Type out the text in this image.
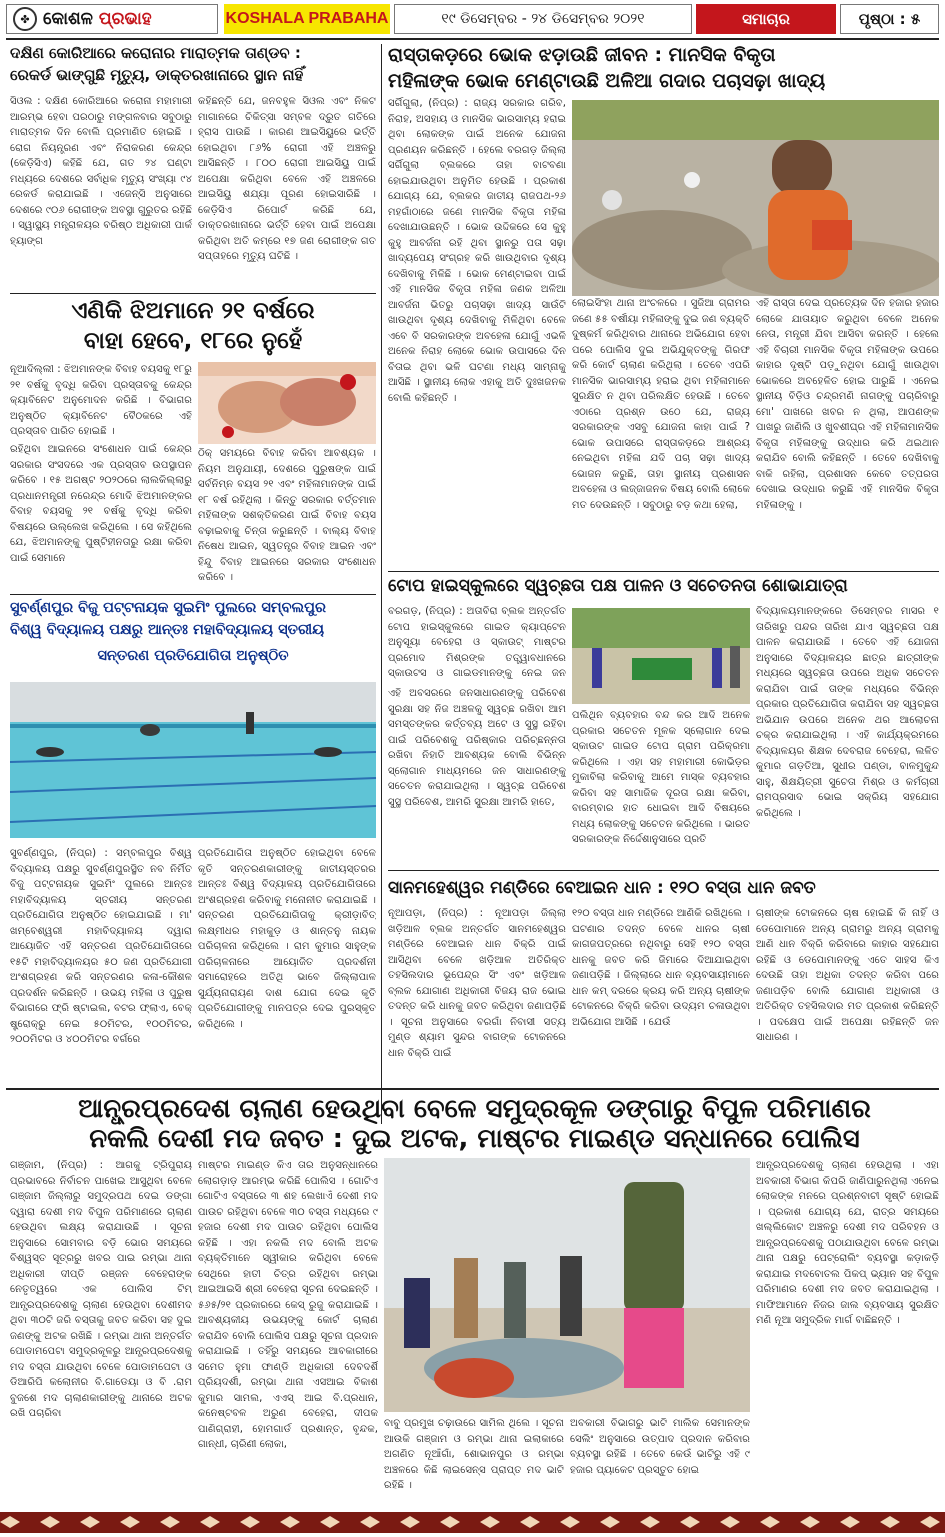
✤ କୋଶଳ ପ୍ରଭାହ	KOSHALA PRABAHA	୧୯ ଡିସେମ୍ବର - ୨୪ ଡିସେମ୍ବର ୨୦୨୧	ସମାଚାର	ପୃଷ୍ଠା : ୫
ଦକ୍ଷିଣ କୋରିଆରେ କରୋନାର ମାରାତ୍ମକ ତାଣ୍ଡବ :
ରେକର୍ଡ ଭାଙ୍ଗୁଛି ମୃତ୍ୟୁ, ଡାକ୍ତରଖାନାରେ ସ୍ଥାନ ନାହିଁ
ସିଓଲ : ଦକ୍ଷିଣ କୋରିଆରେ କରୋନା ମହାମାରୀ ଆରମ୍ଭ ହେବା ପରଠାରୁ ମଙ୍ଗଳବାର ସବୁଠାରୁ ମାରାତ୍ମକ ଦିନ ବୋଲି ପ୍ରମାଣିତ ହୋଇଛି । ରୋଗ ନିୟନ୍ତ୍ରଣ ଏବଂ ନିରାକରଣ କେନ୍ଦ୍ର (କେଡ଼ିସିଏ) କହିଛି ଯେ, ଗତ ୨୪ ଘଣ୍ଟା ମଧ୍ୟରେ ଦେଶରେ ସର୍ବାଧିକ ମୃତ୍ୟୁ ସଂଖ୍ୟା ୯୪ ରେକର୍ଡ କରାଯାଇଛି । ଏଜେନ୍ସି ଅନୁସାରେ ଦେଶରେ ୯୦୬ ରୋଗୀଙ୍କ ଅବସ୍ଥା ଗୁରୁତର ରହିଛି । ସ୍ୱାସ୍ଥ୍ୟ ମନ୍ତ୍ରାଳୟର ବରିଷ୍ଠ ଅଧିକାରୀ ପାର୍କ ହ୍ୟାଙ୍ଗ
କହିଛନ୍ତି ଯେ, ଜନବହୁଳ ସିଓଲ ଏବଂ ନିକଟ ମାଗାନରେ ଚିକିତ୍ସା ସମ୍ବଳ ଦ୍ରୁତ ଗତିରେ ହ୍ରାସ ପାଉଛି । କାରଣ ଆଇସିୟୁରେ ଭର୍ତ୍ତି ହୋଇଥିବା ୮୬% ରୋଗୀ ଏହି ଅଞ୍ଚଳରୁ ଆସିଛନ୍ତି । ୮୦୦ ରୋଗୀ ଆଇସିୟୁ ପାଇଁ ଅପେକ୍ଷା କରିଥିବା ବେଳେ ଏହି ଅଞ୍ଚଳରେ ଆଇସିୟୁ ଶଯ୍ୟା ପୂରଣ ହୋଇସାରିଛି । କେଡ଼ିସିଏ ରିପୋର୍ଟ କରିଛି ଯେ, ଡାକ୍ତରଖାନାରେ ଭର୍ତ୍ତି ହେବା ପାଇଁ ଅପେକ୍ଷା କରିଥିବା ଅତି କମ୍‌ରେ ୧୭ ଜଣ ରୋଗୀଙ୍କ ଗତ ସପ୍ତାହରେ ମୃତ୍ୟୁ ଘଟିଛି ।
ଏଣିକି ଝିଅମାନେ ୨୧ ବର୍ଷରେ
ବାହା ହେବେ, ୧୮ରେ ନୁହେଁ
ନୂଆଦିଲ୍ଲୀ : ଝିଅମାନଙ୍କ ବିବାହ ବୟସକୁ ୧୮ରୁ ୨୧ ବର୍ଷକୁ ବୃଦ୍ଧି କରିବା ପ୍ରସ୍ତାବକୁ କେନ୍ଦ୍ର କ୍ୟାବିନେଟ ଅନୁମୋଦନ କରିଛି । ବିଭାଗର ଅନୁଷ୍ଠିତ କ୍ୟାବିନେଟ ବୈଠକରେ ଏହି ପ୍ରସ୍ତାବ ପାରିତ ହୋଇଛି ।
ରହିଥିବା ଆଇନରେ ସଂଶୋଧନ ପାଇଁ କେନ୍ଦ୍ର ସରକାର ସଂସଦରେ ଏକ ପ୍ରସ୍ତାବ ଉପସ୍ଥାପନ କରିବେ । ୧୫ ଅଗଷ୍ଟ ୨୦୨୦ରେ ଲାଲକିଲ୍ଲାରୁ ପ୍ରଧାନମନ୍ତ୍ରୀ ନରେନ୍ଦ୍ର ମୋଦି ଝିଅମାନଙ୍କର ବିବାହ ବୟସକୁ ୨୧ ବର୍ଷକୁ ବୃଦ୍ଧି କରିବା ବିଷୟରେ ଉଲ୍ଲେଖ କରିଥିଲେ । ସେ କହିଥିଲେ ଯେ, ଝିଅମାନଙ୍କୁ ପୁଷ୍ଟିହୀନତାରୁ ରକ୍ଷା କରିବା ପାଇଁ ସେମାନେ
ଠିକ୍ ସମୟରେ ବିବାହ କରିବା ଆବଶ୍ୟକ । ନିୟମ ଅନୁଯାୟୀ, ଦେଶରେ ପୁରୁଷଙ୍କ ପାଇଁ ସର୍ବନିମ୍ନ ବୟସ ୨୧ ଏବଂ ମହିଳାମାନଙ୍କ ପାଇଁ ୧୮ ବର୍ଷ ରହିଥିଲା । କିନ୍ତୁ ସରକାର ବର୍ତ୍ତମାନ ମହିଳାଙ୍କ ସଶକ୍ତିକରଣ ପାଇଁ ବିବାହ ବୟସ ବଢ଼ାଇବାକୁ ଚିନ୍ତା କରୁଛନ୍ତି । ବାଲ୍ୟ ବିବାହ ନିଷେଧ ଆଇନ, ସ୍ୱତନ୍ତ୍ର ବିବାହ ଆଇନ ଏବଂ ହିନ୍ଦୁ ବିବାହ ଆଇନରେ ସରକାର ସଂଶୋଧନ କରିବେ ।
ସୁବର୍ଣ୍ଣପୁର ବିଜୁ ପଟ୍ଟନାୟକ ସୁଇମିଂ ପୁଲରେ ସମ୍ବଲପୁର
ବିଶ୍ୱ ବିଦ୍ୟାଳୟ ପକ୍ଷରୁ ଆନ୍ତଃ ମହାବିଦ୍ୟାଳୟ ସ୍ତରୀୟ
ସନ୍ତରଣ ପ୍ରତିଯୋଗିତା ଅନୁଷ୍ଠିତ
ସୁବର୍ଣ୍ଣପୁର, (ନିପ୍ର) : ସମ୍ବଲପୁର ବିଶ୍ୱ ବିଦ୍ୟାଳୟ ପକ୍ଷରୁ ସୁବର୍ଣ୍ଣପୁରସ୍ଥିତ ନବ ନିର୍ମିତ ବିଜୁ ପଟ୍ଟନାୟକ ସୁଇମିଂ ପୁଲରେ ଆନ୍ତଃ ମହାବିଦ୍ୟାଳୟ ସ୍ତରୀୟ ସନ୍ତରଣ ପ୍ରତିଯୋଗିତା ଅନୁଷ୍ଠିତ ହୋଇଯାଇଛି । ମା' ଖମ୍ବେଶ୍ୱରୀ ମହାବିଦ୍ୟାଳୟ ଦ୍ୱାରା ଆୟୋଜିତ ଏହି ସନ୍ତରଣ ପ୍ରତିଯୋଗିତାରେ ୧୫ଟି ମହାବିଦ୍ୟାଳୟର ୫୦ ଜଣ ପ୍ରତିଯୋଗୀ ଅଂଶଗ୍ରହଣ କରି ସନ୍ତରଣର କଳା-କୌଶଳ ପ୍ରଦର୍ଶନ କରିଛନ୍ତି । ଉଭୟ ମହିଳା ଓ ପୁରୁଷ ବିଭାଗରେ ଫ୍ରି ଷ୍ଟାଇଲ, ବଟର ଫ୍ଲାଏ, ବେକ୍ ଷ୍ଟ୍ରୋକ୍‌ରୁ ନେଇ ୫୦ମିଟର, ୧୦୦ମିଟର, ୨୦୦ମିଟର ଓ ୪୦୦ମିଟର ବର୍ଗରେ
ପ୍ରତିଯୋଗିତା ଅନୁଷ୍ଠିତ ହୋଇଥିବା ବେଳେ କୃତି ସନ୍ତରଣକାରୀଙ୍କୁ ଜାତୀୟସ୍ତରର ଆନ୍ତଃ ବିଶ୍ୱ ବିଦ୍ୟାଳୟ ପ୍ରତିଯୋଗିତାରେ ଅଂଶଗ୍ରହଣ କରିବାକୁ ମନୋନୀତ କରାଯାଇଛି । ସନ୍ତରଣ ପ୍ରତିଯୋଗିତାକୁ କ୍ରୀଡ଼ାବିତ୍ ଲକ୍ଷ୍ମୀଧର ମହାକୁଡ଼ ଓ ଶାନ୍ତନୁ ନାୟକ ପରିଚାଳନା କରିଥିଲେ । ରାମ କୁମାର ସାହୁଙ୍କ ପରିଚାଳନାରେ ଆୟୋଜିତ ପ୍ରଦର୍ଶନୀ ସମାରୋହରେ ଅତିଥି ଭାବେ ଜିଲ୍ଲାପାଳ ସୁର୍ଯ୍ୟନାରାୟଣ ଦାଶ ଯୋଗ ଦେଇ କୃତି ପ୍ରତିଯୋଗୀଙ୍କୁ ମାନପତ୍ର ଦେଇ ପୁରସ୍କୃତ କରିଥିଲେ ।
ରାସ୍ତାକଡ଼ରେ ଭୋକ ଝଡ଼ାଉଛି ଜୀବନ : ମାନସିକ ବିକୃତା
ମହିଳାଙ୍କ ଭୋକ ମେଣ୍ଟାଉଛି ଅଳିଆ ଗଦାର ପଚାସଢ଼ା ଖାଦ୍ୟ
ସର୍ଗିଗୁଲା, (ନିପ୍ର) : ରାଜ୍ୟ ସରକାର ଗରିବ, ନିରାହ, ଅସହାୟ ଓ ମାନସିକ ଭାରସାମ୍ୟ ହରାଇ ଥିବା ଲୋକଙ୍କ ପାଇଁ ଅନେକ ଯୋଜନା ପ୍ରଣୟନ କରିଛନ୍ତି । ହେଲେ ବରଗଡ଼ ଜିଲ୍ଲା ସର୍ଗିଗୁଲା ବ୍ଲକରେ ତାହା ବାଟବଣା ହୋଇଯାଉଥିବା ଅନୁମିତ ହେଉଛି । ପ୍ରକାଶ ଯୋଗ୍ୟ ଯେ, ବ୍ଲକର ଜାତୀୟ ରାଜପଥ-୨୬ ମହଗାଁଠାରେ ଜଣେ ମାନସିକ ବିକୃତା ମହିଳା ଦେଖାଯାଉଛନ୍ତି । ଭୋକ ଉଦ୍ଦିକରେ ସେ କୁହୁ କୁହୁ ଆବର୍ଜନା ରହି ଥିବା ସ୍ଥାନରୁ ପତା ସଢ଼ା ଖାଦ୍ୟପେୟ ସଂଗ୍ରହ କରି ଖାଉଥିବାର ଦୃଶ୍ୟ ଦେଖିବାକୁ ମିଳିଛି । ଭୋକ ମେଣ୍ଟାଇବା ପାଇଁ ଏହି ମାନସିକ ବିକୃତା ମହିଳା ଜଣକ ଅଳିଆ ଆବର୍ଜନା ଭିତରୁ ପଚାସଢ଼ା ଖାଦ୍ୟ ସାଉଁଟି ଖାଉଥିବା ଦୃଶ୍ୟ ଦେଖିବାକୁ ମିଳିଥିବା ବେଳେ ଏବେ ବି ସରକାରଙ୍କ ଅବହେଳା ଯୋଗୁଁ ଏଭଳି ଅନେକ ନିରାହ ଲୋକେ ଭୋକ ଉପାସରେ ଦିନ ବିତାଇ ଥିବା ଭଳି ଘଟଣା ମଧ୍ୟ ସାମ୍ନାକୁ ଆସିଛି । ସ୍ଥାନୀୟ ଲୋକ ଏହାକୁ ଅତି ଦୁଃଖଜନକ ବୋଲି କହିଛନ୍ତି ।
ଲୋଇସିଂହା ଥାନା ଅଂଚଳରେ । ସୁଜିଆ ଗ୍ରାମର ଜଣେ ୫୫ ବର୍ଷୀୟା ମହିଳାଙ୍କୁ ଦୁଇ ଜଣ ବ୍ୟକ୍ତି ଦୁଷ୍କର୍ମ କରିଥିବାର ଥାନାରେ ଅଭିଯୋଗ ହେବା ପରେ ପୋଲିସ ଦୁଇ ଅଭିଯୁକ୍ତଙ୍କୁ ଗିରଫ କରି କୋର୍ଟ ଚାଲାଣ କରିଥିଲା । ତେବେ ଏପରି ମାନସିକ ଭାରସାମ୍ୟ ହରାଇ ଥିବା ମହିଳାମାନେ ସୁରକ୍ଷିତ ନ ଥିବା ପରିଲକ୍ଷିତ ହେଉଛି । ତେବେ ଏଠାରେ ପ୍ରଶ୍ନ ଉଠେ ଯେ, ରାଜ୍ୟ ସରକାରଙ୍କ ଏସବୁ ଯୋଜନା କାହା ପାଇଁ ? ଭୋକ ଉପାସରେ ରାସ୍ତାକଡ଼ରେ ଆଶ୍ରୟ ନେଇଥିବା ମହିଳା ଯଦି ପଚା ସଢ଼ା ଖାଦ୍ୟ ଭୋଜନ କରୁଛି, ତାହା ସ୍ଥାନୀୟ ପ୍ରଶାସନ ଅବହେଳା ଓ ଲଜ୍ଜାଜନକ ବିଷୟ ବୋଲି ଲୋକେ ମତ ଦେଉଛନ୍ତି । ସବୁଠାରୁ ବଡ଼ କଥା ହେଲା,
ଏହି ରାସ୍ତା ଦେଇ ପ୍ରତ୍ୟେକ ଦିନ ହଜାର ହଜାର ଲୋକେ ଯାତାୟାତ କରୁଥିବା ବେଳେ ଅନେକ ନେତା, ମନ୍ତ୍ରୀ ଯିବା ଆସିବା କରନ୍ତି । ହେଲେ ଏହି ବିଚାରୀ ମାନସିକ ବିକୃତା ମହିଳାଙ୍କ ଉପରେ କାହାର ଦୃଷ୍ଟି ପଡ଼ୁନଥିବା ଯୋଗୁଁ ଖାଉଥିବା ଭୋକରେ ଅବହେଳିତ ହୋଇ ପାରୁଛି । ଏନେଇ ସ୍ଥାନୀୟ ବିଡ଼ିଓ ଚନ୍ଦ୍ରମଣି ନାଗଙ୍କୁ ପଚାରିବାରୁ ମୋ' ପାଖରେ ଖବର ନ ଥିଲା, ଆପଣଙ୍କ ପାଖରୁ ଜାଣିଲି ଓ ଖୁବଶୀଘ୍ର ଏହି ମହିଳାମାନସିକ ବିକୃତା ମହିଳାଙ୍କୁ ଉଦ୍ଧାର କରି ଥଇଥାନ କରାଯିବ ବୋଲି କହିଛନ୍ତି । ତେବେ ଦେଖିବାକୁ ବାକି ରହିଲା, ପ୍ରଶାସନ କେବେ ତତ୍ପରତା ଦେଖାଇ ଉଦ୍ଧାର କରୁଛି ଏହି ମାନସିକ ବିକୃତା ମହିଳାଙ୍କୁ ।
ଟୋପ ହାଇସ୍କୁଲରେ ସ୍ୱଚ୍ଛତା ପକ୍ଷ ପାଳନ ଓ ସଚେତନତା ଶୋଭାଯାତ୍ରା
ବରଗଡ଼, (ନିପ୍ର) : ଅତାବିରା ବ୍ଲକ ଅନ୍ତର୍ଗତ ଟୋପ ହାଇସ୍କୁଲରେ ଗାଇଡ କ୍ୟାପ୍ଟେନ ଅନୁସୂୟା ବେହେରା ଓ ସ୍କାଉଟ୍ ମାଷ୍ଟର ପ୍ରମୋଦ ମିଶ୍ରଙ୍କ ତତ୍ତ୍ୱାବଧାନରେ ସ୍କାଉଟସ ଓ ଗାଇଡମାନଙ୍କୁ ନେଇ ଜନ
ଏହି ଅବସରରେ ଜନସାଧାରଣଙ୍କୁ ପରିବେଶ ସୁରକ୍ଷା ସହ ନିଜ ଅଞ୍ଚଳକୁ ସ୍ୱଚ୍ଛ ରଖିବା ଆମ ସମସ୍ତଙ୍କର କର୍ତ୍ତବ୍ୟ ଅଟେ ଓ ସୁସ୍ଥ ରହିବା ପାଇଁ ପରିବେଶକୁ ପରିଷ୍କାର ପରିଚ୍ଛନ୍ନତା ରଖିବା ନିହାତି ଆବଶ୍ୟକ ବୋଲି ବିଭିନ୍ନ ସ୍ଲୋଗାନ ମାଧ୍ୟମରେ ଜନ ସାଧାରଣଙ୍କୁ ସଚେତନ କରାଯାଇଥିଲା । ସ୍ୱଚ୍ଛ ପରିବେଶ ସୁସ୍ଥ ପରିବେଶ, ଆମରି ସୁରକ୍ଷା ଆମରି ହାତେ,
ପଲିଥିନ ବ୍ୟବହାର ବନ୍ଦ କର ଆଦି ଅନେକ ପ୍ରକାର ସଚେତନ ମୂଳକ ସ୍ଲୋଗାନ ଦେଇ ସ୍କାଉଟ ଗାଇଡ ଟୋପ ଗ୍ରାମ ପରିକ୍ରମା କରିଥିଲେ । ଏହା ସହ ମହାମାରୀ କୋଭିଡ଼ର ମୁକାବିଲା କରିବାକୁ ଆମେ ମାସ୍କ ବ୍ୟବହାର କରିବା ସହ ସାମାଜିକ ଦୂରତା ରକ୍ଷା କରିବା, ବାରମ୍ବାର ହାତ ଧୋଇବା ଆଦି ବିଷୟରେ ମଧ୍ୟ ଲୋକଙ୍କୁ ସଚେତନ କରିଥିଲେ । ଭାରତ ସରକାରଙ୍କ ନିର୍ଦ୍ଦେଶାନୁସାରେ ପ୍ରତି
ବିଦ୍ୟାଳୟମାନଙ୍କରେ ଡିସେମ୍ବର ମାସର ୧ ତାରିଖରୁ ପନ୍ଦର ତାରିଖ ଯାଏ ସ୍ୱଚ୍ଛତା ପକ୍ଷ ପାଳନ କରାଯାଉଛି । ତେବେ ଏହି ଯୋଜନା ଅନୁସାରେ ବିଦ୍ୟାଳୟର ଛାତ୍ର ଛାତ୍ରୀଙ୍କ ମଧ୍ୟରେ ସ୍ୱଚ୍ଛତା ଉପରେ ଅଧିକ ସଚେତନ କରାଯିବା ପାଇଁ ତାଙ୍କ ମଧ୍ୟରେ ବିଭିନ୍ନ ପ୍ରକାର ପ୍ରତିଯୋଗିତା କରାଯିବା ସହ ସ୍ୱଚ୍ଛତା ଅଭିଯାନ ଉପରେ ଅନେକ ଥର ଆଲୋଚନା ଚକ୍ର କରାଯାଇଥିଲା । ଏହି କାର୍ଯ୍ୟକ୍ରମରେ ବିଦ୍ୟାଳୟର ଶିକ୍ଷକ ଦେବରାଜ ବେହେରା, ଲଳିତ କୁମାର ଗଡ଼ତିଆ, ସୁଧୀର ପଣ୍ଡା, ବାଳମୁକୁନ୍ଦ ସାହୁ, ଶିକ୍ଷୟିତ୍ରୀ ସୁଚେତା ମିଶ୍ର ଓ କର୍ମଚାରୀ ରାମପ୍ରସାଦ ଭୋଇ ସକ୍ରିୟ ସହଯୋଗ କରିଥିଲେ ।
ସାନମହେଶ୍ୱର ମଣ୍ଡିରେ ବେଆଇନ ଧାନ : ୧୨୦ ବସ୍ତା ଧାନ ଜବତ
ନୂଆପଡ଼ା, (ନିପ୍ର) : ନୂଆପଡ଼ା ଜିଲ୍ଲା ଖଡ଼ିଆଳ ବ୍ଲକ ଅନ୍ତର୍ଗତ ସାନମହେଶ୍ୱର ମଣ୍ଡିରେ ବେଆଇନ ଧାନ ବିକ୍ରି ପାଇଁ ଆସିଥିବା ବେଳେ ଖଡ଼ିଆଳ ଅତିରିକ୍ତ ତହସିଲଦାର ଭୂପେନ୍ଦ୍ର ସିଂ ଏବଂ ଖଡ଼ିଆଳ ବ୍ଲକ ଯୋଗାଣ ଅଧିକାରୀ ବିଜୟ ରାଜ ଭୋଇ ତଦନ୍ତ କରି ଧାନକୁ ଜବତ କରିଥିବା ଜଣାପଡ଼ିଛି । ସୂଚନା ଅନୁସାରେ ବରଗାଁ ନିବାସୀ ସତ୍ୟ ମୁଣ୍ଡ ଶ୍ୟାମ ସୁନ୍ଦର ବାଗଙ୍କ ଟୋକନରେ ଧାନ ବିକ୍ରି ପାଇଁ
୧୨୦ ବସ୍ତା ଧାନ ମଣ୍ଡିରେ ଆଣିକି ରଖିଥିଲେ । ଘଟଣାର ତଦନ୍ତ ବେଳେ ଧାନର ଚାଷୀ କାଗଜପତ୍ରରେ ନଥିବାରୁ ସେହି ୧୨୦ ବସ୍ତା ଧାନକୁ ଜବତ କରି ଜିମାରେ ଦିଆଯାଇଥିବା ଜଣାପଡ଼ିଛି । ଜିଲ୍ଲାରେ ଧାନ ବ୍ୟବସାୟୀମାନେ ଧାନ କମ୍ ଦରରେ କ୍ରୟ କରି ଅନ୍ୟ ଚାଷୀଙ୍କ ଟୋକନରେ ବିକ୍ରି କରିବା ଉଦ୍ୟମ ଚଳାଉଥିବା ଅଭିଯୋଗ ଆସିଛି । ଯେଉଁ
ଚାଷୀଙ୍କ ଟୋକନରେ ଚାଷ ହୋଇଛି କି ନାହିଁ ଓ ଡେପୋମାନେ ଅନ୍ୟ ଗ୍ରାମରୁ ଅନ୍ୟ ଗ୍ରାମକୁ ଆଣି ଧାନ ବିକ୍ରି କରିବାରେ କାହାର ସହଯୋଗ ରହିଛି ଓ ଡେପୋମାନଙ୍କୁ ଏତେ ସାହସ କିଏ ଦେଉଛି ତାହା ଅଧିକା ତଦନ୍ତ କରିବା ପରେ ଜଣାପଡ଼ିବ ବୋଲି ଯୋଗାଣ ଅଧିକାରୀ ଓ ଅତିରିକ୍ତ ତହସିଲଦାର ମତ ପ୍ରକାଶ କରିଛନ୍ତି । ପଦକ୍ଷେପ ପାଇଁ ଅପେକ୍ଷା ରହିଛନ୍ତି ଜନ ସାଧାରଣ ।
ଆନ୍ଧ୍ରପ୍ରଦେଶ ଚାଲାଣ ହେଉଥିବା ବେଳେ ସମୁଦ୍ରକୂଳ ଡଙ୍ଗାରୁ ବିପୁଳ ପରିମାଣର
ନକଲି ଦେଶୀ ମଦ ଜବତ : ଦୁଇ ଅଟକ, ମାଷ୍ଟର ମାଇଣ୍ଡ ସନ୍ଧାନରେ ପୋଲିସ
ଗଞ୍ଜାମ, (ନିପ୍ର) : ଆଗକୁ ଟ୍ରିପୁରାୟ ପ୍ରଭାବରେ ନିର୍ବାଚନ ପାଖେଇ ଆସୁଥିବା ବେଳେ ଗଞ୍ଜାମ ଜିଲ୍ଲାରୁ ସମୁଦ୍ରପଥ ଦେଇ ଡଙ୍ଗା ଦ୍ୱାରା ଦେଶୀ ମଦ ବିପୁଳ ପରିମାଣରେ ଚାଲାଣ ହେଉଥିବା ଲକ୍ଷ୍ୟ କରାଯାଉଛି । ସୂଚନା ଅନୁସାରେ ସୋମବାର ବଡ଼ି ଭୋର ସମୟରେ ବିଶ୍ୱସ୍ତ ସୂତ୍ରରୁ ଖବର ପାଇ ରମ୍ଭା ଥାନା ଅଧିକାରୀ ଦୀପ୍ତି ରଞ୍ଜନ ବେହେରାଙ୍କ ନେତୃତ୍ୱରେ ଏକ ପୋଲିସ ଟିମ୍ ଆନ୍ଧ୍ରପ୍ରଦେଶକୁ ଚାଲାଣ ହେଉଥିବା ଦେଶୀମଦ ଥିବା ୩୦ଟି ଜରି ବସ୍ତାକୁ ଜବତ କରିବା ସହ ଦୁଇ ଜଣଙ୍କୁ ଅଟକ ରଖିଛି । ରମ୍ଭା ଥାନା ଅନ୍ତର୍ଗତ ପୋଡାମପେଟା ସମୁଦ୍ରକୂଳରୁ ଆନ୍ଧ୍ରପ୍ରଦେଶକୁ ମଦ ବସ୍ତା ଯାଉଥିବା ବେଳେ ପୋଡାମପେଟା ଓ ଡିଆରିପି କଲୋନୀର ବି.ଗାଡେୟା ଓ ବି .ରାମ ବୁଜଶେ ମଦ ଚାଲାଣକାରୀଙ୍କୁ ଥାନାରେ ଅଟକ ରଖି ପଚାରିବା
ମାଷ୍ଟର ମାଇଣ୍ଡ କିଏ ତାର ଅନୁସନ୍ଧାନରେ ଲୋଗଡ଼ାଡ଼ ଆରମ୍ଭ କରିଛି ପୋଲିସ । ଗୋଟିଏ ଗୋଟିଏ ବସ୍ତାରେ ୩ ଶହ ଲେଖାଏଁ ଦେଶୀ ମଦ ପାଉଚ ରହିଥିବା ବେଳେ ୩୦ ବସ୍ତା ମଧ୍ୟରେ ୯ ହଜାର ଦେଶୀ ମଦ ପାଉଚ ରହିଥିବା ପୋଲିସ କହିଛି । ଏହା ନକଲି ମଦ ବୋଲି ଅଟକ ବ୍ୟକ୍ତିମାନେ ସ୍ୱୀକାର କରିଥିବା ବେଳେ ସେଥିରେ ହାତୀ ଚିତ୍ର ରହିଥିବା ରମ୍ଭା ଆଇଆଇସି ଶ୍ରୀ ବେହେରା ସୂଚନା ଦେଇଛନ୍ତି । ୫୬୫/୨୧ ପ୍ରକାରରେ କେସ୍ ରୁଜୁ କରାଯାଇଛି । ଆବଶ୍ୟକୀୟ ଉଭୟଙ୍କୁ କୋର୍ଟ ଚାଲାଣ କରାଯିବ ବୋଲି ପୋଲିସ ପକ୍ଷରୁ ସୂଚନା ପ୍ରଦାନ କରାଯାଇଛି । ତହିଁରୁ ସମୟରେ ଆବକାରୀରେ ସମେତ ହୁମା ଫାଣ୍ଡି ଅଧିକାରୀ ଦେବଦର୍ଶି ପ୍ରିୟଦର୍ଶୀ, ରମ୍ଭା ଥାନା ଏସଆଇ ବିକାଶ କୁମାର ସାମଲ, ଏଏସ୍ ଆଇ ବି.ପ୍ରଧାନ, କନେଷ୍ଟବଳ ଅରୁଣ ବେହେରା, ଦୀପକ ପାଣିଗ୍ରାହୀ, ହୋମଗାର୍ଡ ପ୍ରଶାନ୍ତ, ବୃନ୍ଦକ, ଗାନ୍ଧୀ, ଚାରିଣୀ ଲୋକା,
ବାବୁ ପ୍ରମୁଖ ଚଢ଼ାଉରେ ସାମିଲ ଥିଲେ । ସୂଚନା ଆଉକି ଗଞ୍ଜାମ ଓ ରମ୍ଭା ଥାନା ଇଲାକାରେ ଅଗଣିତ ନୂଆଁଗାଁ, ଶୋଭାନପୁର ଓ ରମ୍ଭା ଅଞ୍ଚଳରେ କିଛି ଲାଇସେନ୍ସ ପ୍ରାପ୍ତ ମଦ ଭାଟି ରହିଛି ।
ଅବକାରୀ ବିଭାଗରୁ ଭାଟି ମାଲିକ ସେମାନଙ୍କ ସେଲିଂ ଅନୁସାରେ ଉତ୍ପାଦ ପ୍ରଦାନ କରିବାର ବ୍ୟବସ୍ଥା ରହିଛି । ତେବେ କେଉଁ ଭାଟିରୁ ଏହି ୯ ହଜାର ପ୍ୟାକେଟ ପ୍ରସ୍ତୁତ ହୋଇ
ଆନ୍ଧ୍ରପ୍ରଦେଶକୁ ଚାଲାଣ ହେଉଥିଲା । ଏହା ଅବକାରୀ ବିଭାଗ କିପରି ଜାଣିପାରୁନଥିଲା ଏନେଇ ଲୋକଙ୍କ ମନରେ ପ୍ରଶ୍ନବାଚୀ ସୃଷ୍ଟି ହୋଇଛି । ପ୍ରକାଶ ଯୋଗ୍ୟ ଯେ, ରାତ୍ର ସମୟରେ ଖଲ୍ଲିକୋଟ ଅଞ୍ଚଳରୁ ଦେଶୀ ମଦ ପରିବହନ ଓ ଆନ୍ଧ୍ରପ୍ରଦେଶକୁ ପଠାଯାଉଥିବା ବେଳେ ରମ୍ଭା ଥାନା ପକ୍ଷରୁ ପେଟ୍ରୋଲିଂ ବ୍ୟବସ୍ଥା କଡ଼ାକଡ଼ି କରାଯାଇ ମଦବୋତଲ ପିକପ୍ ଭ୍ୟାନ ସହ ବିପୁଳ ପରିମାଣର ଦେଶୀ ମଦ ଜବତ କରାଯାଇଥିଲା । ମାଫିଆମାନେ ନିଜର ଜାଲ ବ୍ୟବସାୟ ସୁରକ୍ଷିତ ମଣି ନୂଆ ସମୁଦ୍ରିକ ମାର୍ଗ ବାଛିଛନ୍ତି ।
